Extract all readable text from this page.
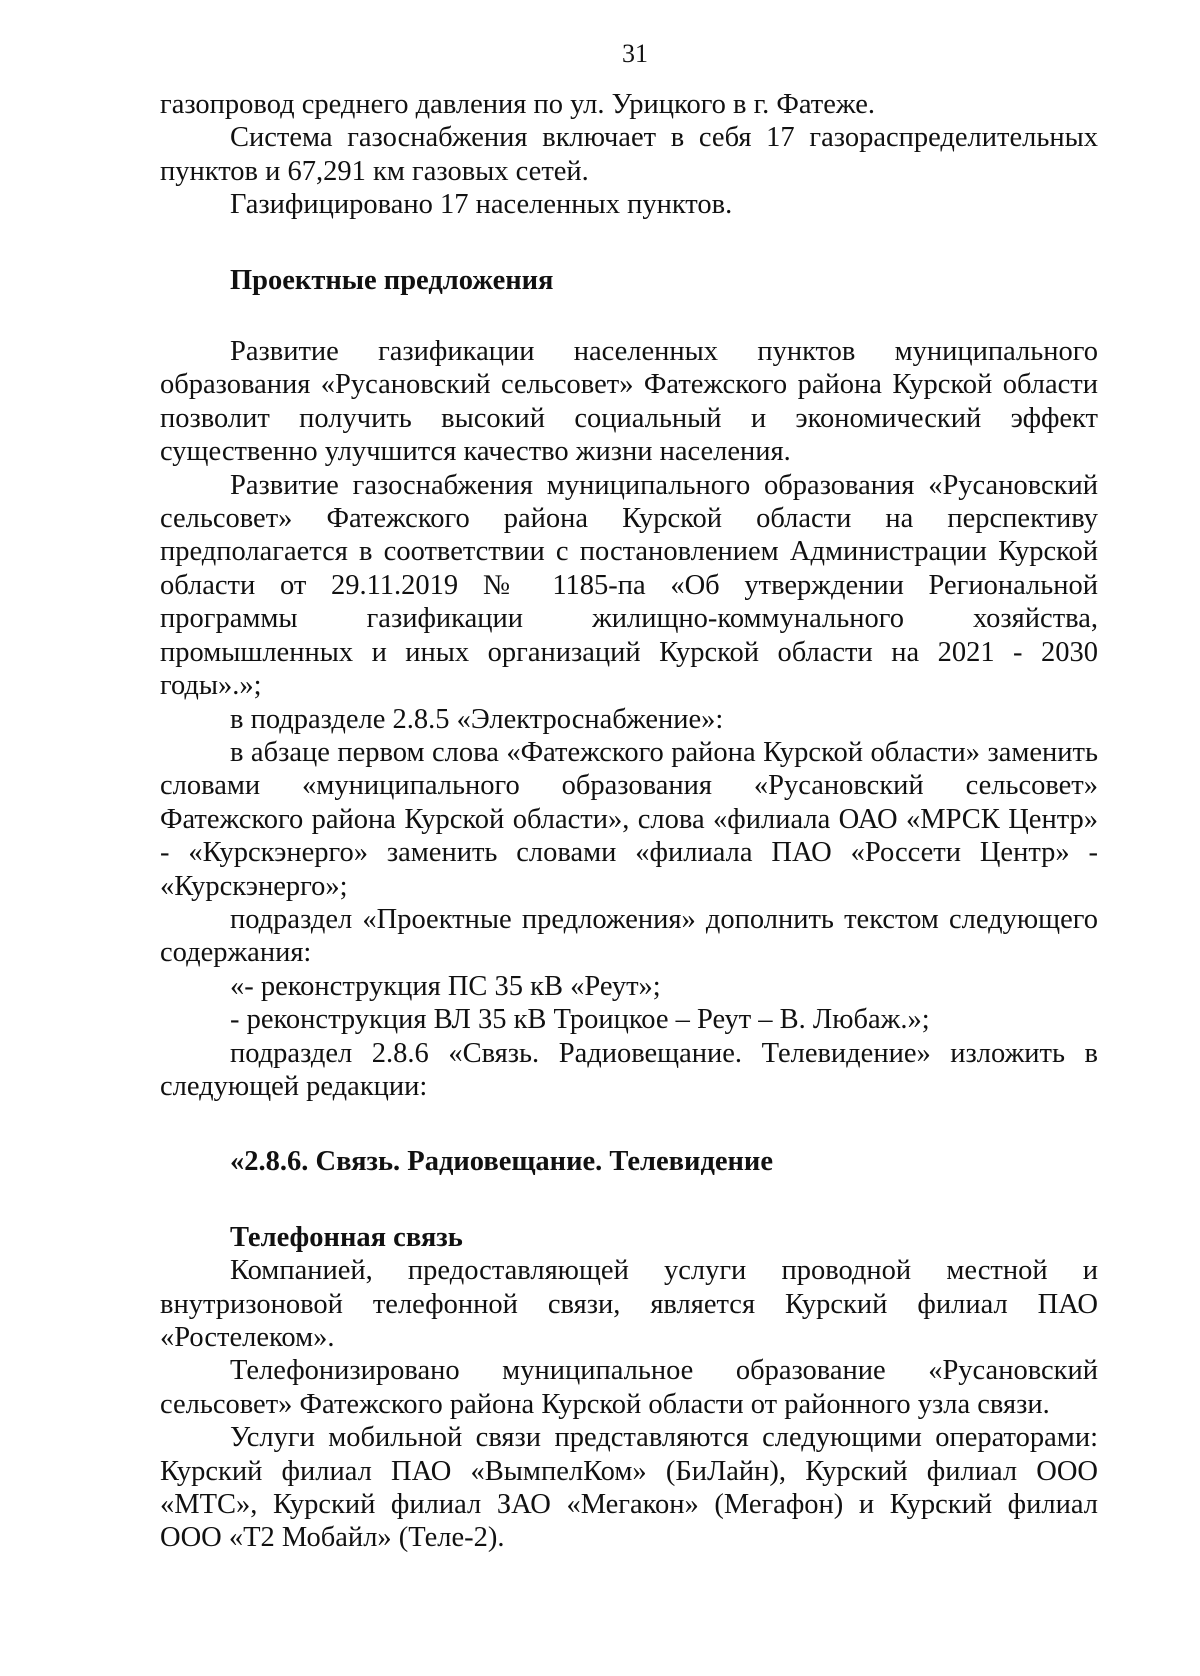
31

газопровод среднего давления по ул. Урицкого в г. Фатеже.

Система газоснабжения включает в себя 17 газораспределительных пунктов и 67,291 км газовых сетей.

Газифицировано 17 населенных пунктов.

Проектные предложения

Развитие газификации населенных пунктов муниципального образования «Русановский сельсовет» Фатежского района Курской области позволит получить высокий социальный и экономический эффект существенно улучшится качество жизни населения.

Развитие газоснабжения муниципального образования «Русановский сельсовет» Фатежского района Курской области на перспективу предполагается в соответствии с постановлением Администрации Курской области от 29.11.2019 № 1185-па «Об утверждении Региональной программы газификации жилищно-коммунального хозяйства, промышленных и иных организаций Курской области на 2021 - 2030 годы».»;

в подразделе 2.8.5 «Электроснабжение»:

в абзаце первом слова «Фатежского района Курской области» заменить словами «муниципального образования «Русановский сельсовет» Фатежского района Курской области», слова «филиала ОАО «МРСК Центр» - «Курскэнерго» заменить словами «филиала ПАО «Россети Центр» - «Курскэнерго»;

подраздел «Проектные предложения» дополнить текстом следующего содержания:

«- реконструкция ПС 35 кВ «Реут»;

- реконструкция ВЛ 35 кВ Троицкое – Реут – В. Любаж.»;

подраздел 2.8.6 «Связь. Радиовещание. Телевидение» изложить в следующей редакции:

«2.8.6. Связь. Радиовещание. Телевидение
Телефонная связь

Компанией, предоставляющей услуги проводной местной и внутризоновой телефонной связи, является Курский филиал ПАО «Ростелеком».

Телефонизировано муниципальное образование «Русановский сельсовет» Фатежского района Курской области от районного узла связи.

Услуги мобильной связи представляются следующими операторами: Курский филиал ПАО «ВымпелКом» (БиЛайн), Курский филиал ООО «МТС», Курский филиал ЗАО «Мегакон» (Мегафон) и Курский филиал ООО «Т2 Мобайл» (Теле-2).
